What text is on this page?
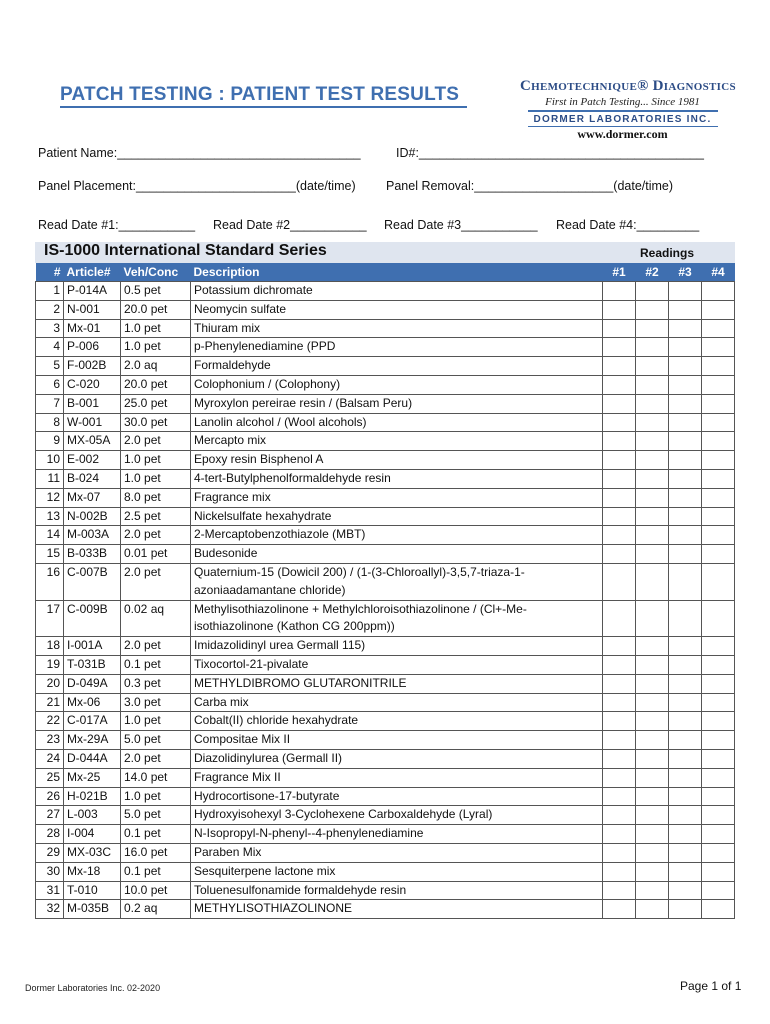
PATCH TESTING : PATIENT TEST RESULTS	Chemotechnique® Diagnostics
First in Patch Testing... Since 1981
DORMER LABORATORIES INC.
www.dormer.com
Patient Name:___________________________________	ID#:_________________________________________
Panel Placement:_______________________(date/time) Panel Removal:____________________(date/time)
Read Date #1:___________ Read Date #2___________ Read Date #3___________ Read Date #4:_________
IS-1000 International Standard Series	Readings
#	Article#	Veh/Conc	Description	#1	#2	#3	#4
1	P-014A	0.5 pet	Potassium dichromate				

2	N-001	20.0 pet	Neomycin sulfate				

3	Mx-01	1.0 pet	Thiuram mix				

4	P-006	1.0 pet	p-Phenylenediamine (PPD				

5	F-002B	2.0 aq	Formaldehyde				

6	C-020	20.0 pet	Colophonium / (Colophony)				

7	B-001	25.0 pet	Myroxylon pereirae resin / (Balsam Peru)				

8	W-001	30.0 pet	Lanolin alcohol / (Wool alcohols)				

9	MX-05A	2.0 pet	Mercapto mix				

10	E-002	1.0 pet	Epoxy resin Bisphenol A				

11	B-024	1.0 pet	4-tert-Butylphenolformaldehyde resin				

12	Mx-07	8.0 pet	Fragrance mix				

13	N-002B	2.5 pet	Nickelsulfate hexahydrate				

14	M-003A	2.0 pet	2-Mercaptobenzothiazole (MBT)				

15	B-033B	0.01 pet	Budesonide				

16	C-007B	2.0 pet	Quaternium-15 (Dowicil 200) / (1-(3-Chloroallyl)-3,5,7-triaza-1-
azoniaadamantane chloride)				

17	C-009B	0.02 aq	Methylisothiazolinone + Methylchloroisothiazolinone / (Cl+-Me-
isothiazolinone (Kathon CG 200ppm))				

18	I-001A	2.0 pet	Imidazolidinyl urea Germall 115)				

19	T-031B	0.1 pet	Tixocortol-21-pivalate				

20	D-049A	0.3 pet	METHYLDIBROMO GLUTARONITRILE				

21	Mx-06	3.0 pet	Carba mix				

22	C-017A	1.0 pet	Cobalt(II) chloride hexahydrate				

23	Mx-29A	5.0 pet	Compositae Mix II				

24	D-044A	2.0 pet	Diazolidinylurea (Germall II)				

25	Mx-25	14.0 pet	Fragrance Mix II				

26	H-021B	1.0 pet	Hydrocortisone-17-butyrate				

27	L-003	5.0 pet	Hydroxyisohexyl 3-Cyclohexene Carboxaldehyde (Lyral)				

28	I-004	0.1 pet	N-Isopropyl-N-phenyl--4-phenylenediamine				

29	MX-03C	16.0 pet	Paraben Mix				

30	Mx-18	0.1 pet	Sesquiterpene lactone mix				

31	T-010	10.0 pet	Toluenesulfonamide formaldehyde resin				

32	M-035B	0.2 aq	METHYLISOTHIAZOLINONE				

Dormer Laboratories Inc. 02-2020	Page 1 of 1
